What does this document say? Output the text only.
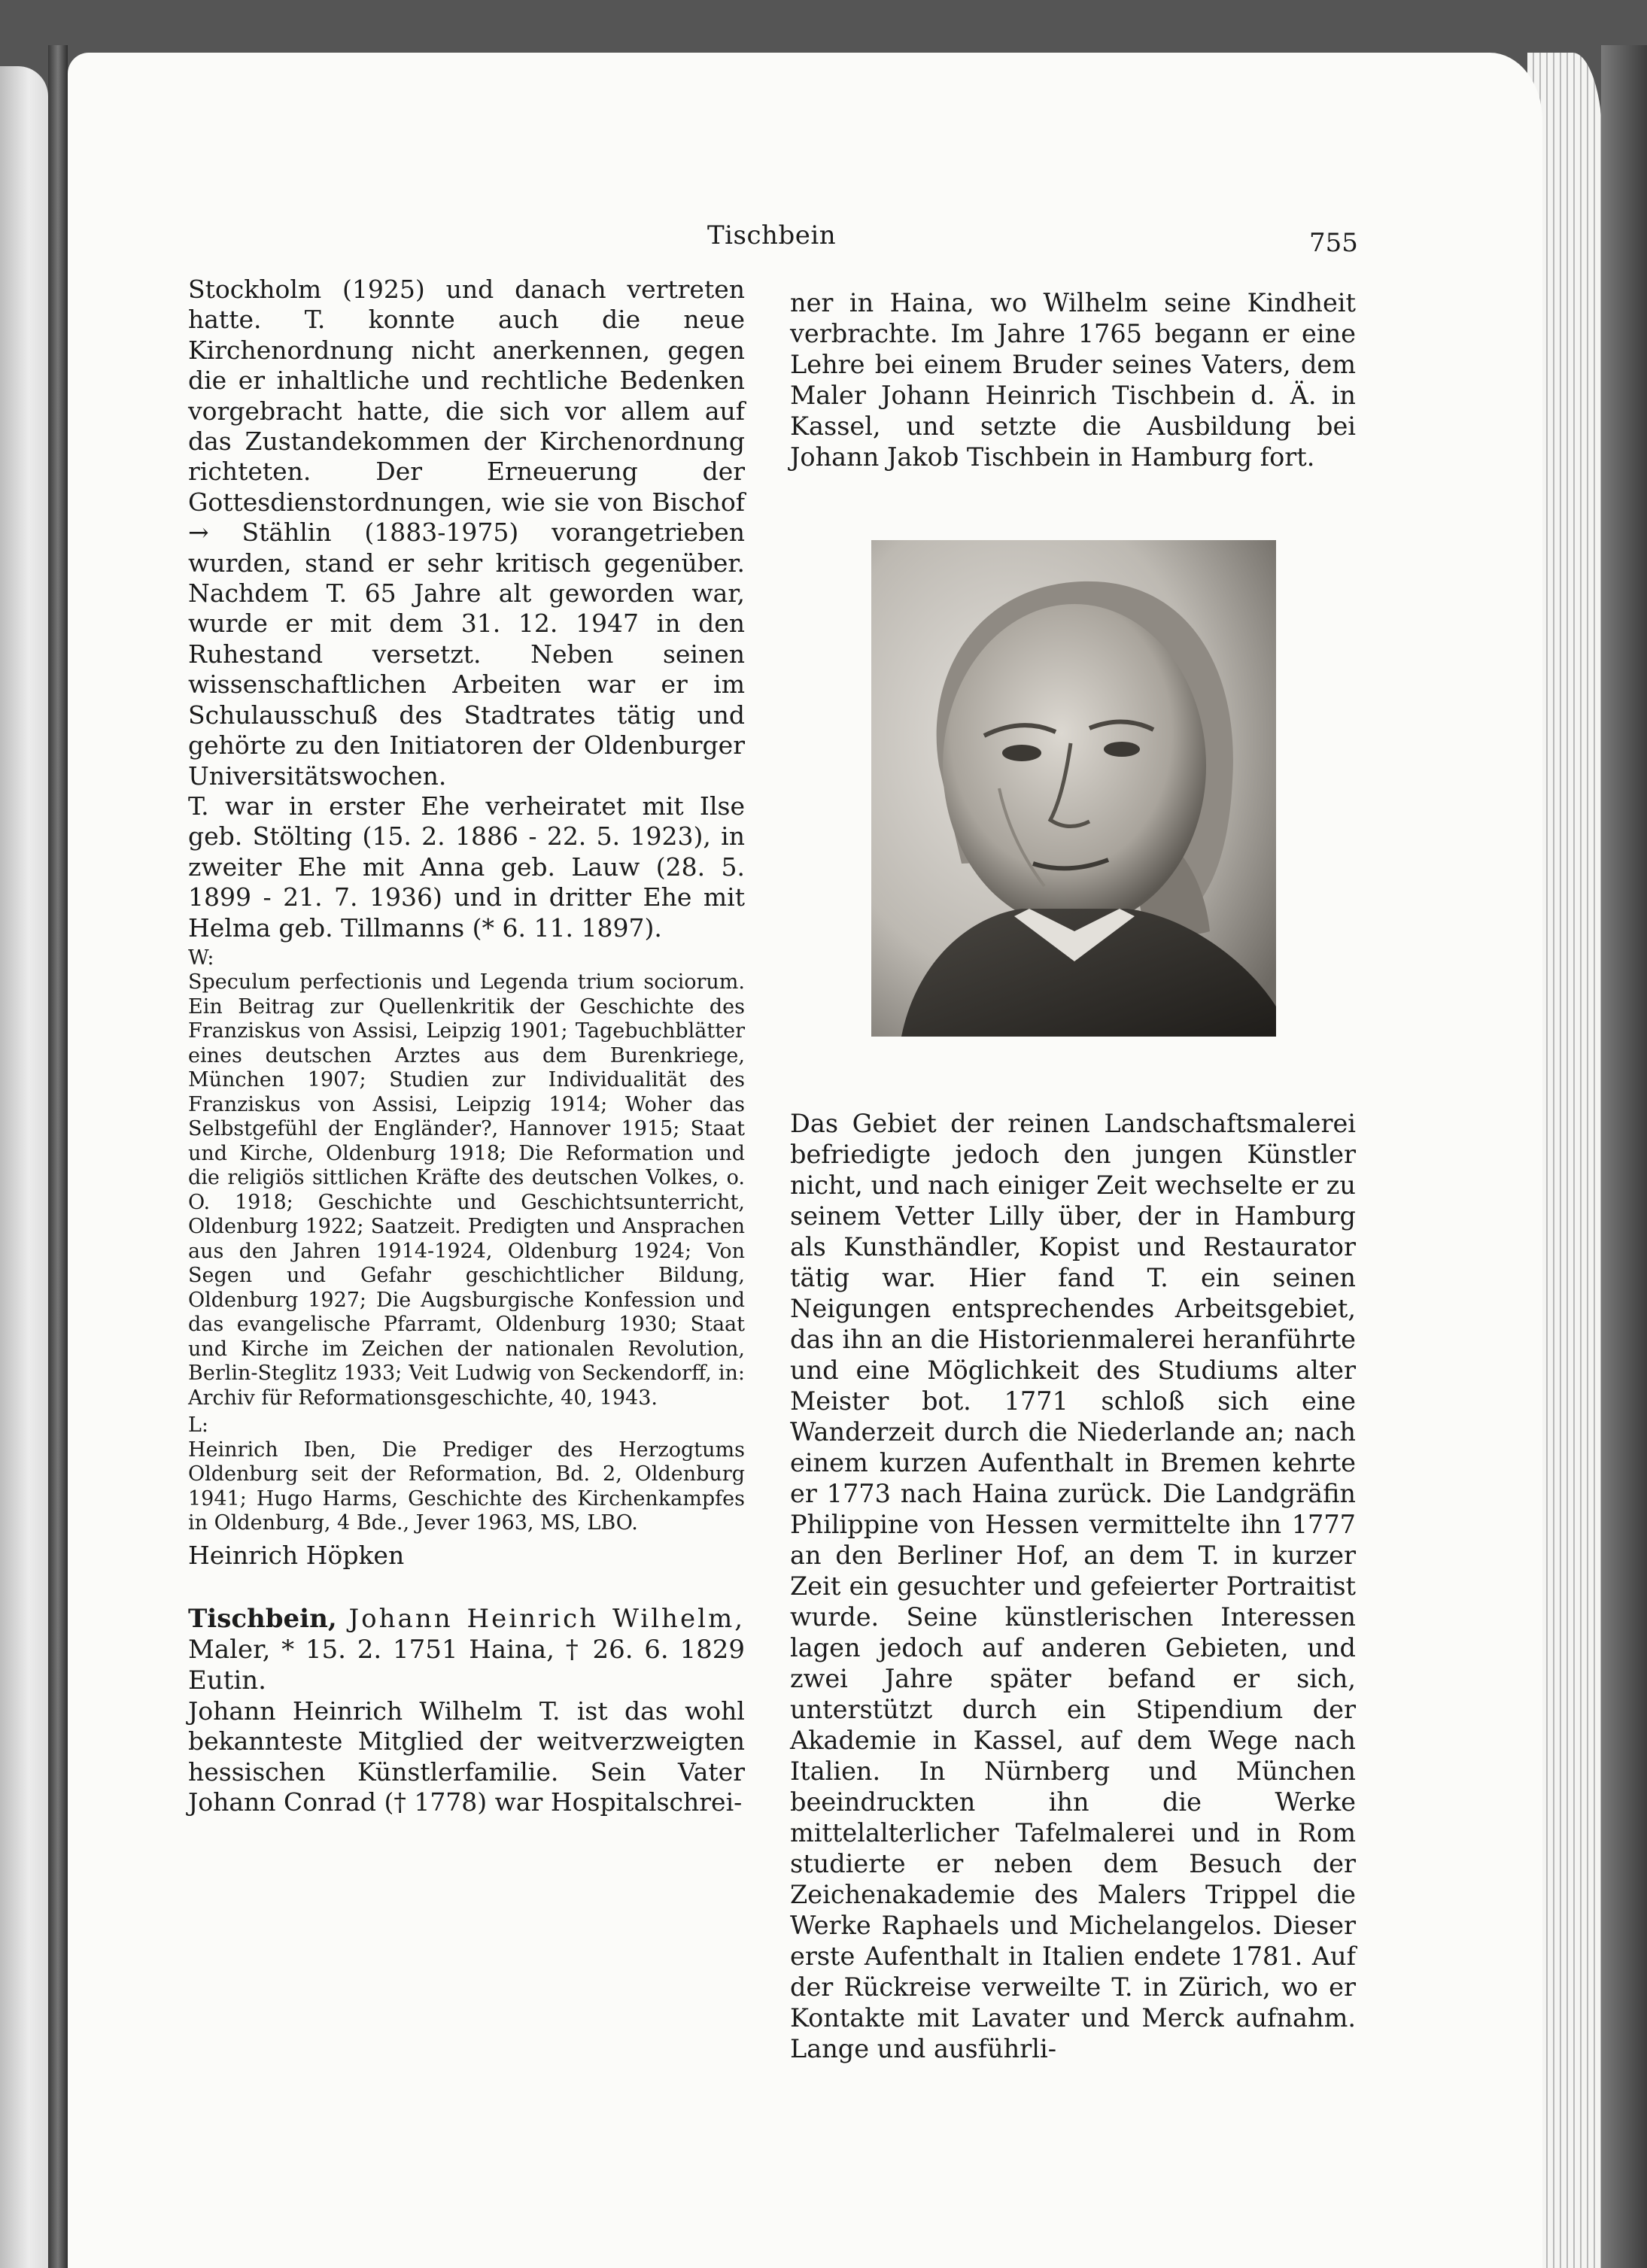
Tischbein	755

Stockholm (1925) und danach vertreten hatte. T. konnte auch die neue Kirchenordnung nicht anerkennen, gegen die er inhaltliche und rechtliche Bedenken vorgebracht hatte, die sich vor allem auf das Zustandekommen der Kirchenordnung richteten. Der Erneuerung der Gottesdienstordnungen, wie sie von Bischof → Stählin (1883-1975) vorangetrieben wurden, stand er sehr kritisch gegenüber. Nachdem T. 65 Jahre alt geworden war, wurde er mit dem 31. 12. 1947 in den Ruhestand versetzt. Neben seinen wissenschaftlichen Arbeiten war er im Schulausschuß des Stadtrates tätig und gehörte zu den Initiatoren der Oldenburger Universitätswochen.

T. war in erster Ehe verheiratet mit Ilse geb. Stölting (15. 2. 1886 - 22. 5. 1923), in zweiter Ehe mit Anna geb. Lauw (28. 5. 1899 - 21. 7. 1936) und in dritter Ehe mit Helma geb. Tillmanns (* 6. 11. 1897).

W:

Speculum perfectionis und Legenda trium sociorum. Ein Beitrag zur Quellenkritik der Geschichte des Franziskus von Assisi, Leipzig 1901; Tagebuchblätter eines deutschen Arztes aus dem Burenkriege, München 1907; Studien zur Individualität des Franziskus von Assisi, Leipzig 1914; Woher das Selbstgefühl der Engländer?, Hannover 1915; Staat und Kirche, Oldenburg 1918; Die Reformation und die religiös sittlichen Kräfte des deutschen Volkes, o. O. 1918; Geschichte und Geschichtsunterricht, Oldenburg 1922; Saatzeit. Predigten und Ansprachen aus den Jahren 1914-1924, Oldenburg 1924; Von Segen und Gefahr geschichtlicher Bildung, Oldenburg 1927; Die Augsburgische Konfession und das evangelische Pfarramt, Oldenburg 1930; Staat und Kirche im Zeichen der nationalen Revolution, Berlin-Steglitz 1933; Veit Ludwig von Seckendorff, in: Archiv für Reformationsgeschichte, 40, 1943.

L:

Heinrich Iben, Die Prediger des Herzogtums Oldenburg seit der Reformation, Bd. 2, Oldenburg 1941; Hugo Harms, Geschichte des Kirchenkampfes in Oldenburg, 4 Bde., Jever 1963, MS, LBO.

Heinrich Höpken

Tischbein, Johann Heinrich Wilhelm, Maler, * 15. 2. 1751 Haina, † 26. 6. 1829 Eutin.

Johann Heinrich Wilhelm T. ist das wohl bekannteste Mitglied der weitverzweigten hessischen Künstlerfamilie. Sein Vater Johann Conrad († 1778) war Hospitalschrei-

ner in Haina, wo Wilhelm seine Kindheit verbrachte. Im Jahre 1765 begann er eine Lehre bei einem Bruder seines Vaters, dem Maler Johann Heinrich Tischbein d. Ä. in Kassel, und setzte die Ausbildung bei Johann Jakob Tischbein in Hamburg fort.

Das Gebiet der reinen Landschaftsmalerei befriedigte jedoch den jungen Künstler nicht, und nach einiger Zeit wechselte er zu seinem Vetter Lilly über, der in Hamburg als Kunsthändler, Kopist und Restaurator tätig war. Hier fand T. ein seinen Neigungen entsprechendes Arbeitsgebiet, das ihn an die Historienmalerei heranführte und eine Möglichkeit des Studiums alter Meister bot. 1771 schloß sich eine Wanderzeit durch die Niederlande an; nach einem kurzen Aufenthalt in Bremen kehrte er 1773 nach Haina zurück. Die Landgräfin Philippine von Hessen vermittelte ihn 1777 an den Berliner Hof, an dem T. in kurzer Zeit ein gesuchter und gefeierter Portraitist wurde. Seine künstlerischen Interessen lagen jedoch auf anderen Gebieten, und zwei Jahre später befand er sich, unterstützt durch ein Stipendium der Akademie in Kassel, auf dem Wege nach Italien. In Nürnberg und München beeindruckten ihn die Werke mittelalterlicher Tafelmalerei und in Rom studierte er neben dem Besuch der Zeichenakademie des Malers Trippel die Werke Raphaels und Michelangelos. Dieser erste Aufenthalt in Italien endete 1781. Auf der Rückreise verweilte T. in Zürich, wo er Kontakte mit Lavater und Merck aufnahm. Lange und ausführli-
